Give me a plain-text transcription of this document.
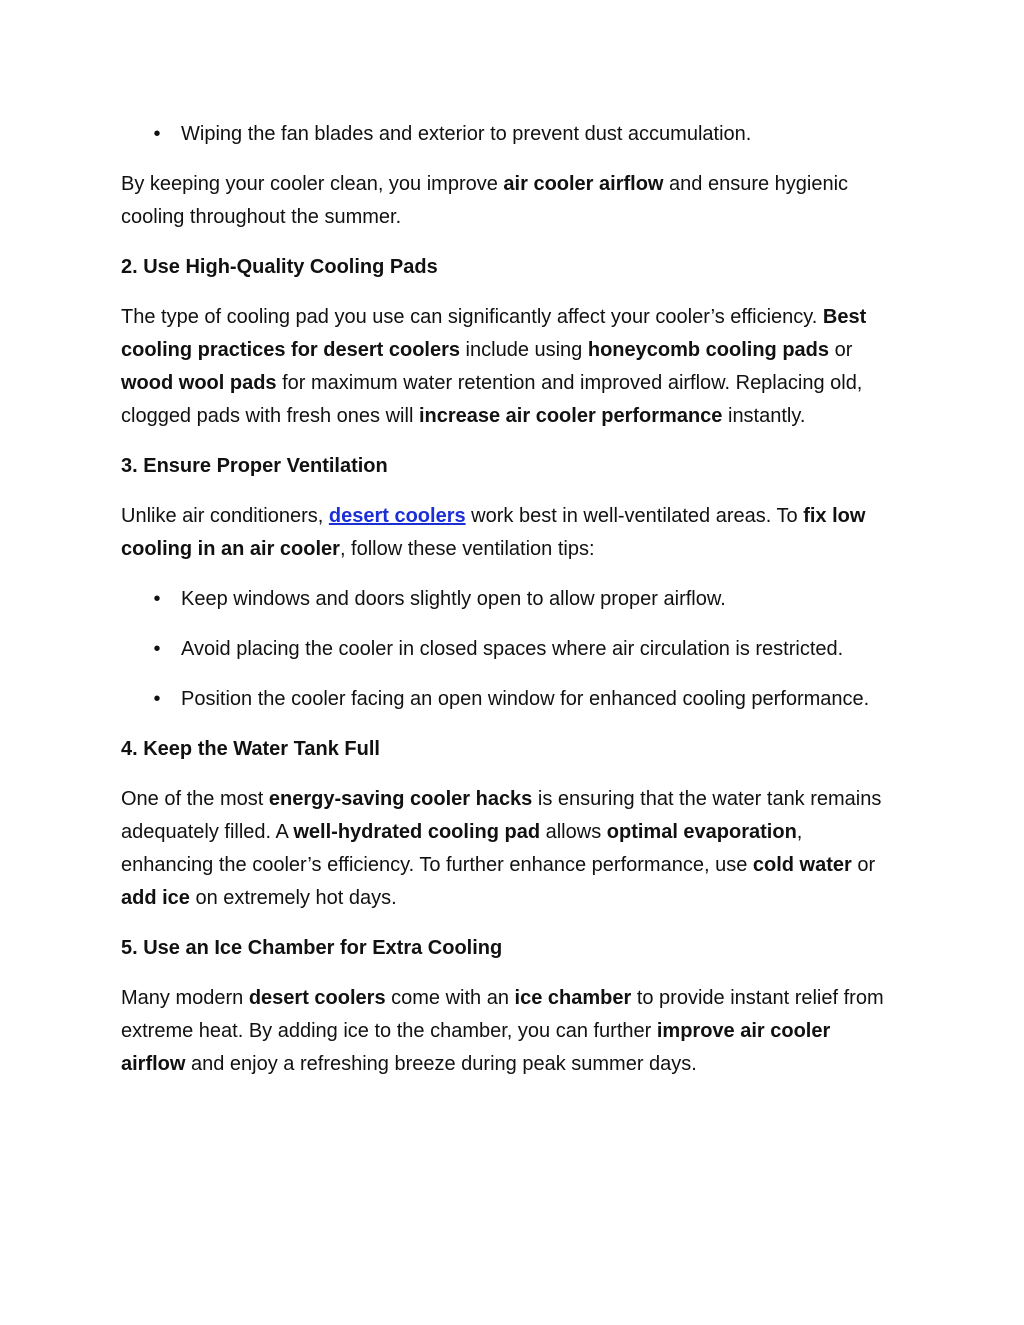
• Wiping the fan blades and exterior to prevent dust accumulation.

By keeping your cooler clean, you improve air cooler airflow and ensure hygienic cooling throughout the summer.

2. Use High-Quality Cooling Pads

The type of cooling pad you use can significantly affect your cooler’s efficiency. Best cooling practices for desert coolers include using honeycomb cooling pads or wood wool pads for maximum water retention and improved airflow. Replacing old, clogged pads with fresh ones will increase air cooler performance instantly.

3. Ensure Proper Ventilation

Unlike air conditioners, desert coolers work best in well-ventilated areas. To fix low cooling in an air cooler, follow these ventilation tips:

• Keep windows and doors slightly open to allow proper airflow.
• Avoid placing the cooler in closed spaces where air circulation is restricted.
• Position the cooler facing an open window for enhanced cooling performance.
4. Keep the Water Tank Full

One of the most energy-saving cooler hacks is ensuring that the water tank remains adequately filled. A well-hydrated cooling pad allows optimal evaporation, enhancing the cooler’s efficiency. To further enhance performance, use cold water or add ice on extremely hot days.

5. Use an Ice Chamber for Extra Cooling

Many modern desert coolers come with an ice chamber to provide instant relief from extreme heat. By adding ice to the chamber, you can further improve air cooler airflow and enjoy a refreshing breeze during peak summer days.
